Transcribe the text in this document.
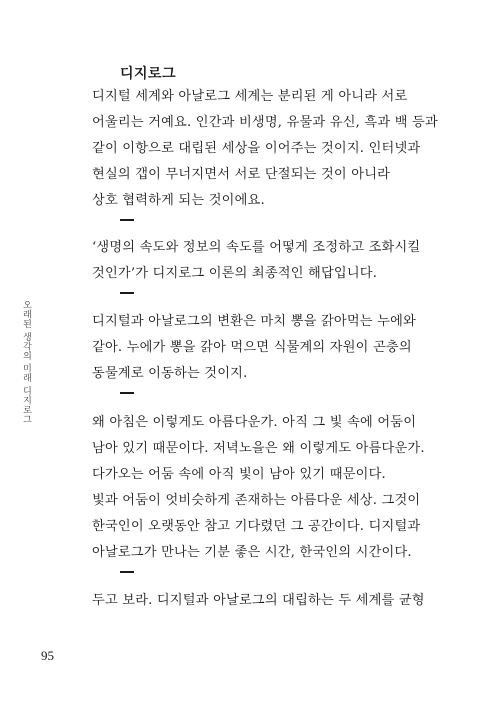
오래된 생각의 미래 디지로그
디지로그
디지털 세계와 아날로그 세계는 분리된 게 아니라 서로
어울리는 거예요. 인간과 비생명, 유물과 유신, 흑과 백 등과
같이 이항으로 대립된 세상을 이어주는 것이지. 인터넷과
현실의 갭이 무너지면서 서로 단절되는 것이 아니라
상호 협력하게 되는 것이에요.
‘생명의 속도와 정보의 속도를 어떻게 조정하고 조화시킬
것인가’가 디지로그 이론의 최종적인 해답입니다.
디지털과 아날로그의 변환은 마치 뽕을 갉아먹는 누에와
같아. 누에가 뽕을 갉아 먹으면 식물계의 자원이 곤충의
동물계로 이동하는 것이지.
왜 아침은 이렇게도 아름다운가. 아직 그 빛 속에 어둠이
남아 있기 때문이다. 저녁노을은 왜 이렇게도 아름다운가.
다가오는 어둠 속에 아직 빛이 남아 있기 때문이다.
빛과 어둠이 엇비슷하게 존재하는 아름다운 세상. 그것이
한국인이 오랫동안 참고 기다렸던 그 공간이다. 디지털과
아날로그가 만나는 기분 좋은 시간, 한국인의 시간이다.
두고 보라. 디지털과 아날로그의 대립하는 두 세계를 균형
95
